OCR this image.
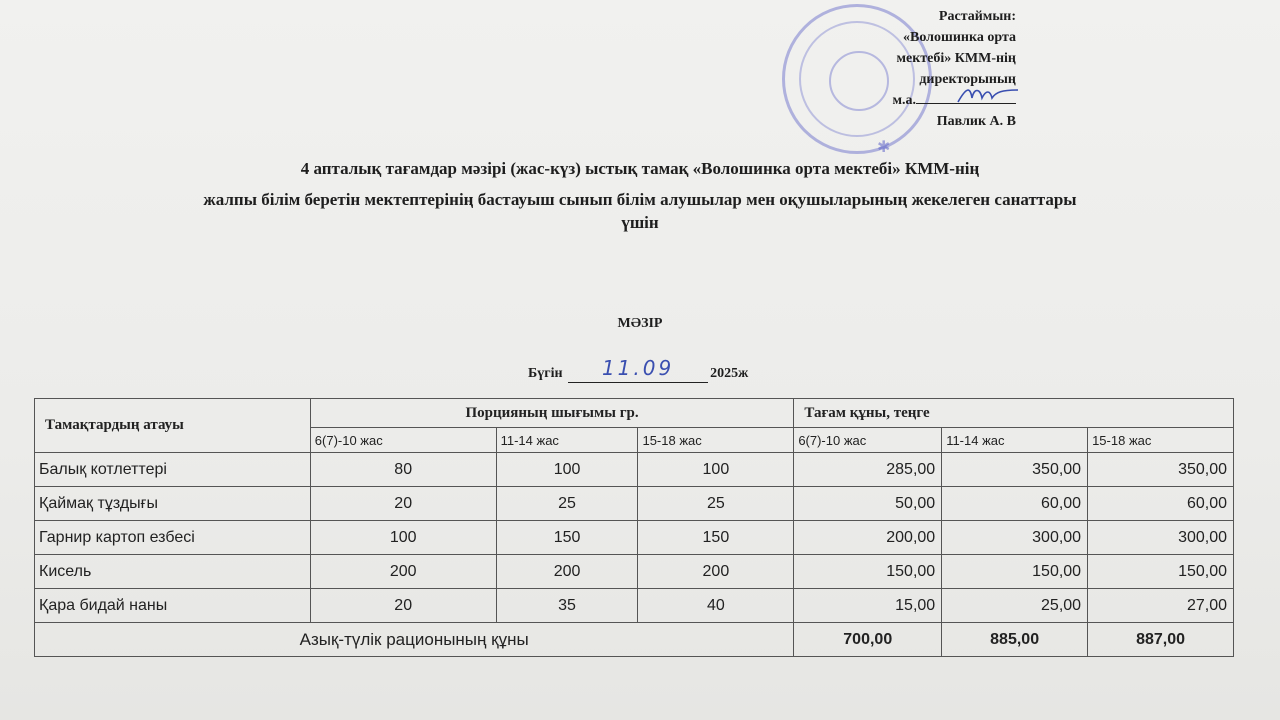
✱
Растаймын:
«Волошинка орта
мектебі» КММ-нің
директорының
м.а.
Павлик А. В
4 апталық тағамдар мәзірі (жас-күз) ыстық тамақ «Волошинка орта мектебі» КММ-нің
жалпы білім беретін мектептерінің бастауыш сынып білім алушылар мен оқушыларының жекелеген санаттары
үшін
МӘЗІР
Бүгін 11.09	2025ж
Тамақтардың атауы	Порцияның шығымы гр.			Тағам құны, теңге		
	6(7)-10 жас	11-14 жас	15-18 жас	6(7)-10 жас	11-14 жас	15-18 жас
Балық котлеттері	80	100	100	285,00	350,00	350,00
Қаймақ тұздығы	20	25	25	50,00	60,00	60,00
Гарнир картоп езбесі	100	150	150	200,00	300,00	300,00
Кисель	200	200	200	150,00	150,00	150,00
Қара бидай наны	20	35	40	15,00	25,00	27,00
Азық-түлік рационының құны				700,00	885,00	887,00
